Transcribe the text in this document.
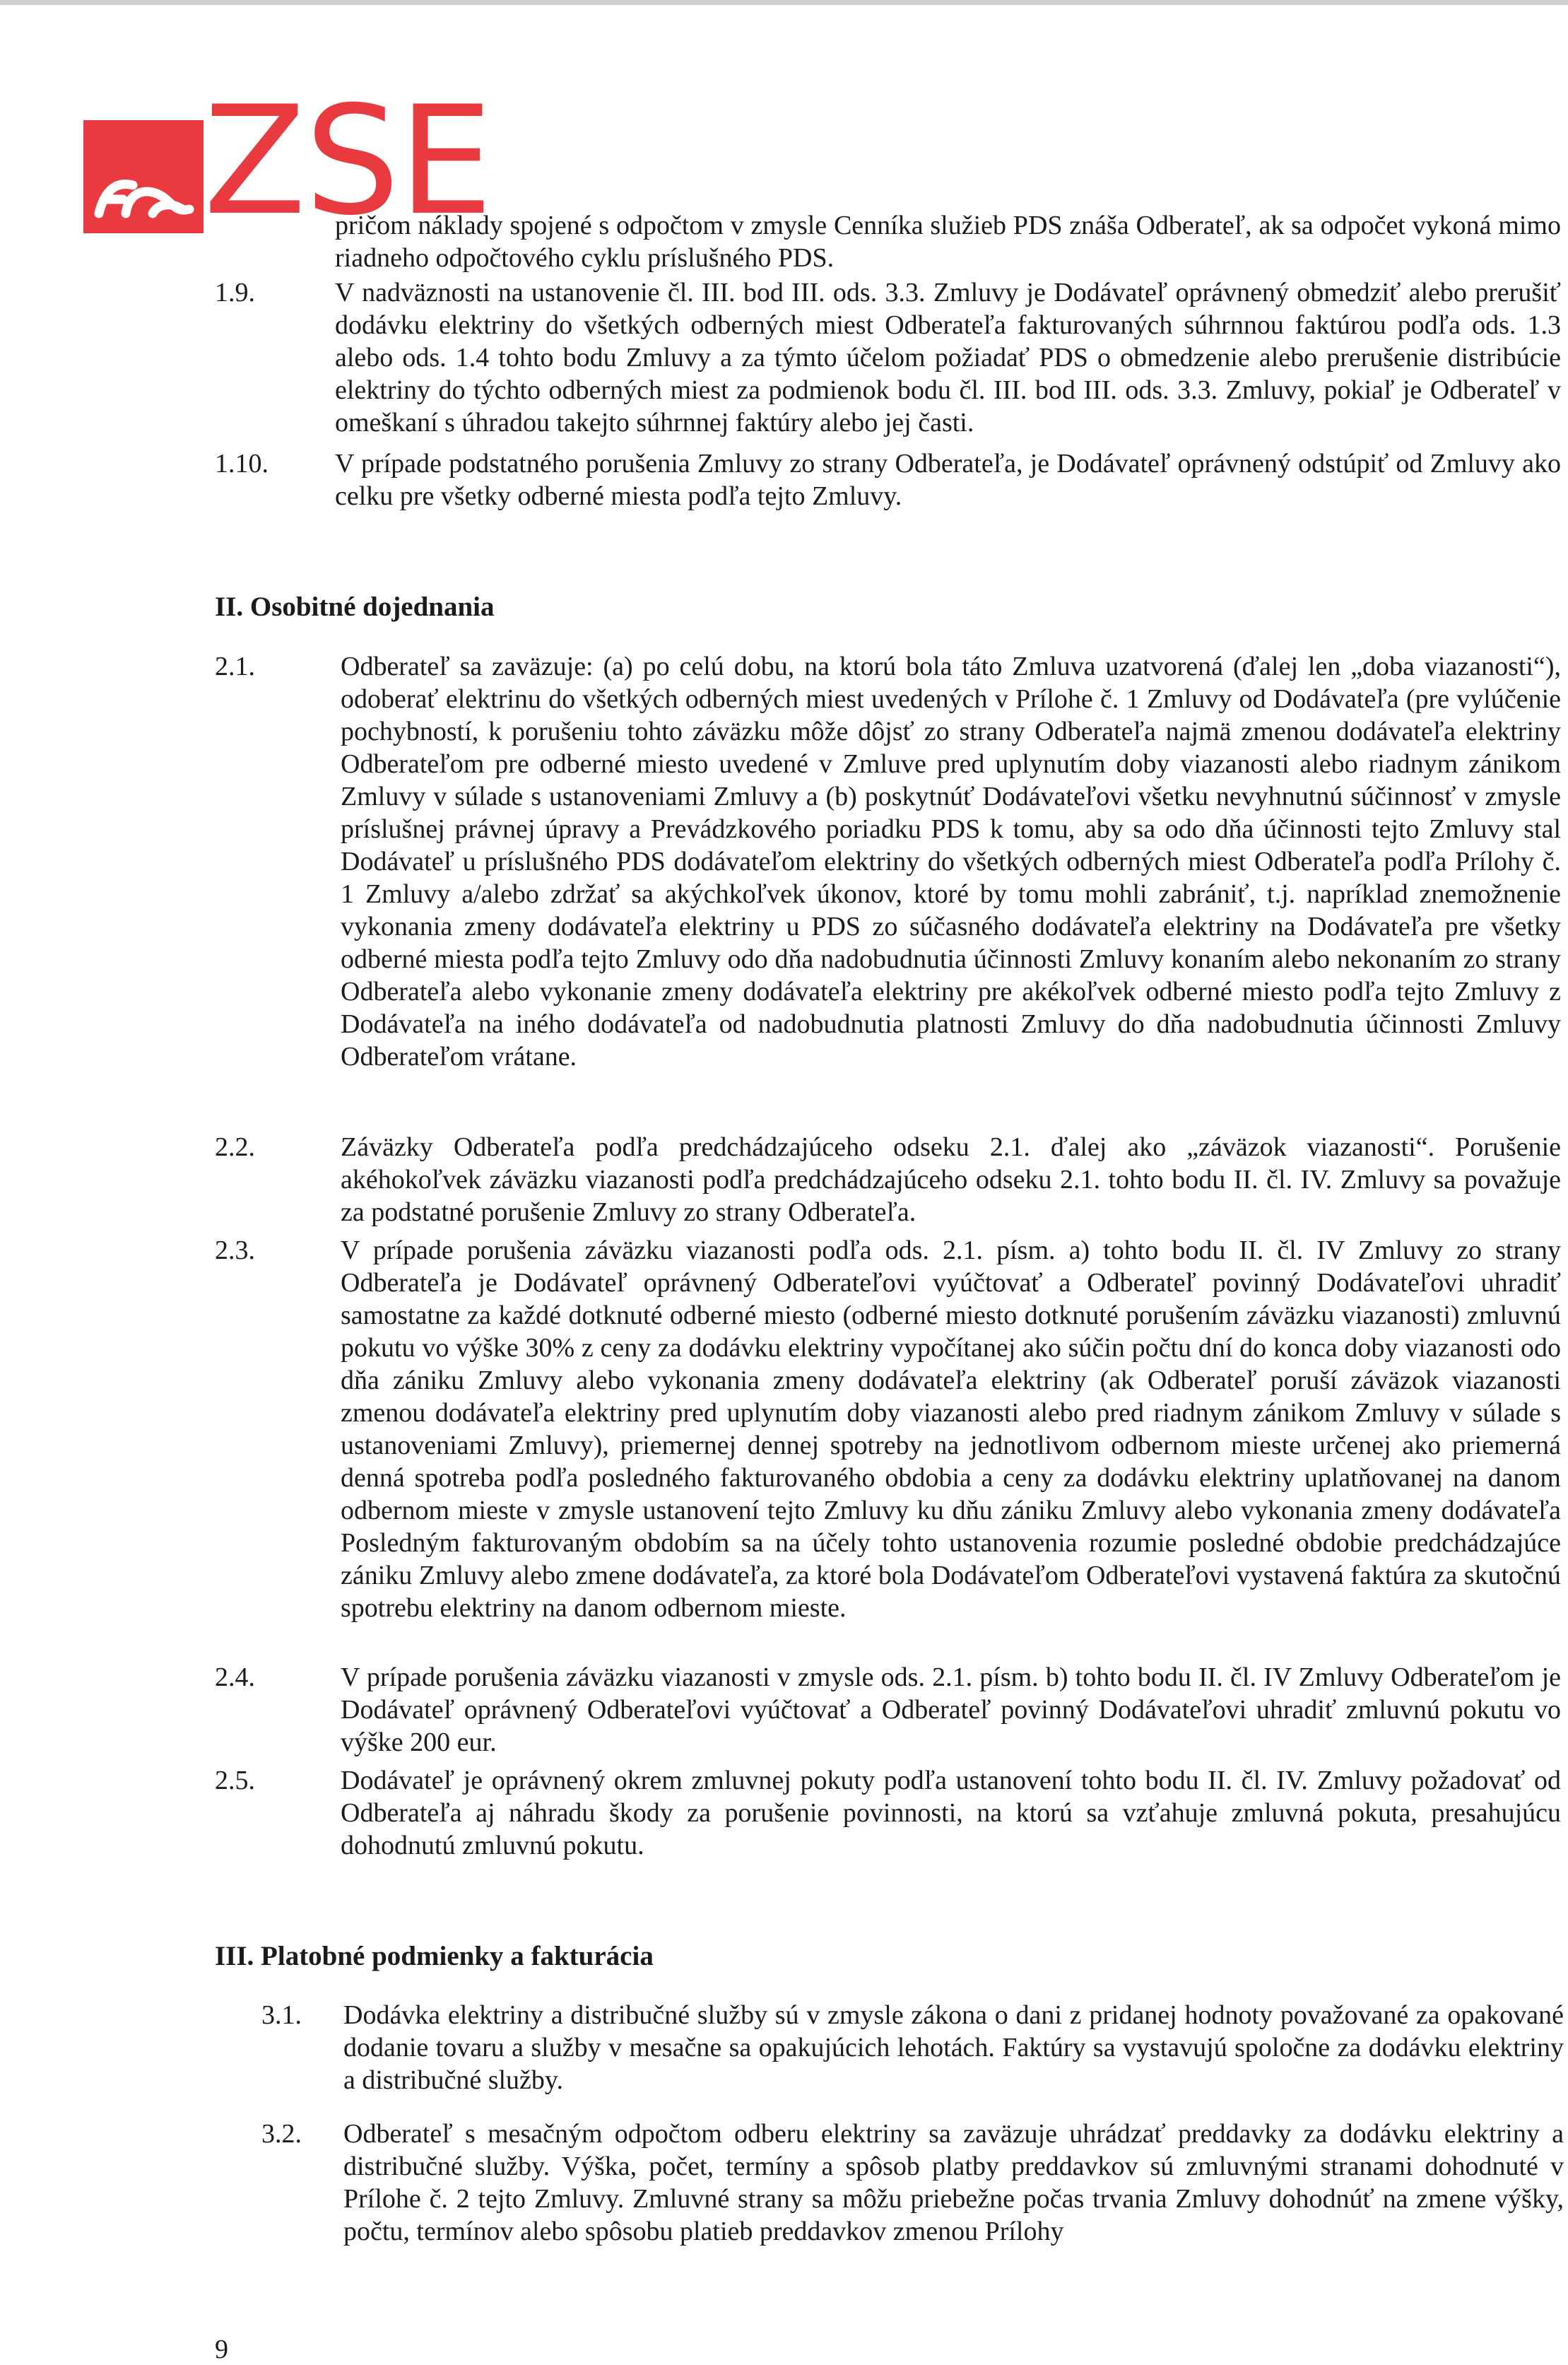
ZSE
pričom náklady spojené s odpočtom v zmysle Cenníka služieb PDS znáša Odberateľ, ak sa odpočet vykoná mimo riadneho odpočtového cyklu príslušného PDS.
1.9.	V nadväznosti na ustanovenie čl. III. bod III. ods. 3.3. Zmluvy je Dodávateľ oprávnený obmedziť alebo prerušiť dodávku elektriny do všetkých odberných miest Odberateľa fakturovaných súhrnnou faktúrou podľa ods. 1.3 alebo ods. 1.4 tohto bodu Zmluvy a za týmto účelom požiadať PDS o obmedzenie alebo prerušenie distribúcie elektriny do týchto odberných miest za podmienok bodu čl. III. bod III. ods. 3.3. Zmluvy, pokiaľ je Odberateľ v omeškaní s úhradou takejto súhrnnej faktúry alebo jej časti.
1.10. V prípade podstatného porušenia Zmluvy zo strany Odberateľa, je Dodávateľ oprávnený odstúpiť od Zmluvy ako celku pre všetky odberné miesta podľa tejto Zmluvy.
II. Osobitné dojednania
2.1.	Odberateľ sa zaväzuje: (a) po celú dobu, na ktorú bola táto Zmluva uzatvorená (ďalej len „doba viazanosti“), odoberať elektrinu do všetkých odberných miest uvedených v Prílohe č. 1 Zmluvy od Dodávateľa (pre vylúčenie pochybností, k porušeniu tohto záväzku môže dôjsť zo strany Odberateľa najmä zmenou dodávateľa elektriny Odberateľom pre odberné miesto uvedené v Zmluve pred uplynutím doby viazanosti alebo riadnym zánikom Zmluvy v súlade s ustanoveniami Zmluvy a (b) poskytnúť Dodávateľovi všetku nevyhnutnú súčinnosť v zmysle príslušnej právnej úpravy a Prevádzkového poriadku PDS k tomu, aby sa odo dňa účinnosti tejto Zmluvy stal Dodávateľ u príslušného PDS dodávateľom elektriny do všetkých odberných miest Odberateľa podľa Prílohy č. 1 Zmluvy a/alebo zdržať sa akýchkoľvek úkonov, ktoré by tomu mohli zabrániť, t.j. napríklad znemožnenie vykonania zmeny dodávateľa elektriny u PDS zo súčasného dodávateľa elektriny na Dodávateľa pre všetky odberné miesta podľa tejto Zmluvy odo dňa nadobudnutia účinnosti Zmluvy konaním alebo nekonaním zo strany Odberateľa alebo vykonanie zmeny dodávateľa elektriny pre akékoľvek odberné miesto podľa tejto Zmluvy z Dodávateľa na iného dodávateľa od nadobudnutia platnosti Zmluvy do dňa nadobudnutia účinnosti Zmluvy Odberateľom vrátane.
2.2.	Záväzky Odberateľa podľa predchádzajúceho odseku 2.1. ďalej ako „záväzok viazanosti“. Porušenie akéhokoľvek záväzku viazanosti podľa predchádzajúceho odseku 2.1. tohto bodu II. čl. IV. Zmluvy sa považuje za podstatné porušenie Zmluvy zo strany Odberateľa.
2.3.	V prípade porušenia záväzku viazanosti podľa ods. 2.1. písm. a) tohto bodu II. čl. IV Zmluvy zo strany Odberateľa je Dodávateľ oprávnený Odberateľovi vyúčtovať a Odberateľ povinný Dodávateľovi uhradiť samostatne za každé dotknuté odberné miesto (odberné miesto dotknuté porušením záväzku viazanosti) zmluvnú pokutu vo výške 30% z ceny za dodávku elektriny vypočítanej ako súčin počtu dní do konca doby viazanosti odo dňa zániku Zmluvy alebo vykonania zmeny dodávateľa elektriny (ak Odberateľ poruší záväzok viazanosti zmenou dodávateľa elektriny pred uplynutím doby viazanosti alebo pred riadnym zánikom Zmluvy v súlade s ustanoveniami Zmluvy), priemernej dennej spotreby na jednotlivom odbernom mieste určenej ako priemerná denná spotreba podľa posledného fakturovaného obdobia a ceny za dodávku elektriny uplatňovanej na danom odbernom mieste v zmysle ustanovení tejto Zmluvy ku dňu zániku Zmluvy alebo vykonania zmeny dodávateľa Posledným fakturovaným obdobím sa na účely tohto ustanovenia rozumie posledné obdobie predchádzajúce zániku Zmluvy alebo zmene dodávateľa, za ktoré bola Dodávateľom Odberateľovi vystavená faktúra za skutočnú spotrebu elektriny na danom odbernom mieste.
2.4.	V prípade porušenia záväzku viazanosti v zmysle ods. 2.1. písm. b) tohto bodu II. čl. IV Zmluvy Odberateľom je Dodávateľ oprávnený Odberateľovi vyúčtovať a Odberateľ povinný Dodávateľovi uhradiť zmluvnú pokutu vo výške 200 eur.
2.5.	Dodávateľ je oprávnený okrem zmluvnej pokuty podľa ustanovení tohto bodu II. čl. IV. Zmluvy požadovať od Odberateľa aj náhradu škody za porušenie povinnosti, na ktorú sa vzťahuje zmluvná pokuta, presahujúcu dohodnutú zmluvnú pokutu.
III. Platobné podmienky a fakturácia
3.1. Dodávka elektriny a distribučné služby sú v zmysle zákona o dani z pridanej hodnoty považované za opakované dodanie tovaru a služby v mesačne sa opakujúcich lehotách. Faktúry sa vystavujú spoločne za dodávku elektriny a distribučné služby.
3.2. Odberateľ s mesačným odpočtom odberu elektriny sa zaväzuje uhrádzať preddavky za dodávku elektriny a distribučné služby. Výška, počet, termíny a spôsob platby preddavkov sú zmluvnými stranami dohodnuté v Prílohe č. 2 tejto Zmluvy. Zmluvné strany sa môžu priebežne počas trvania Zmluvy dohodnúť na zmene výšky, počtu, termínov alebo spôsobu platieb preddavkov zmenou Prílohy
9
